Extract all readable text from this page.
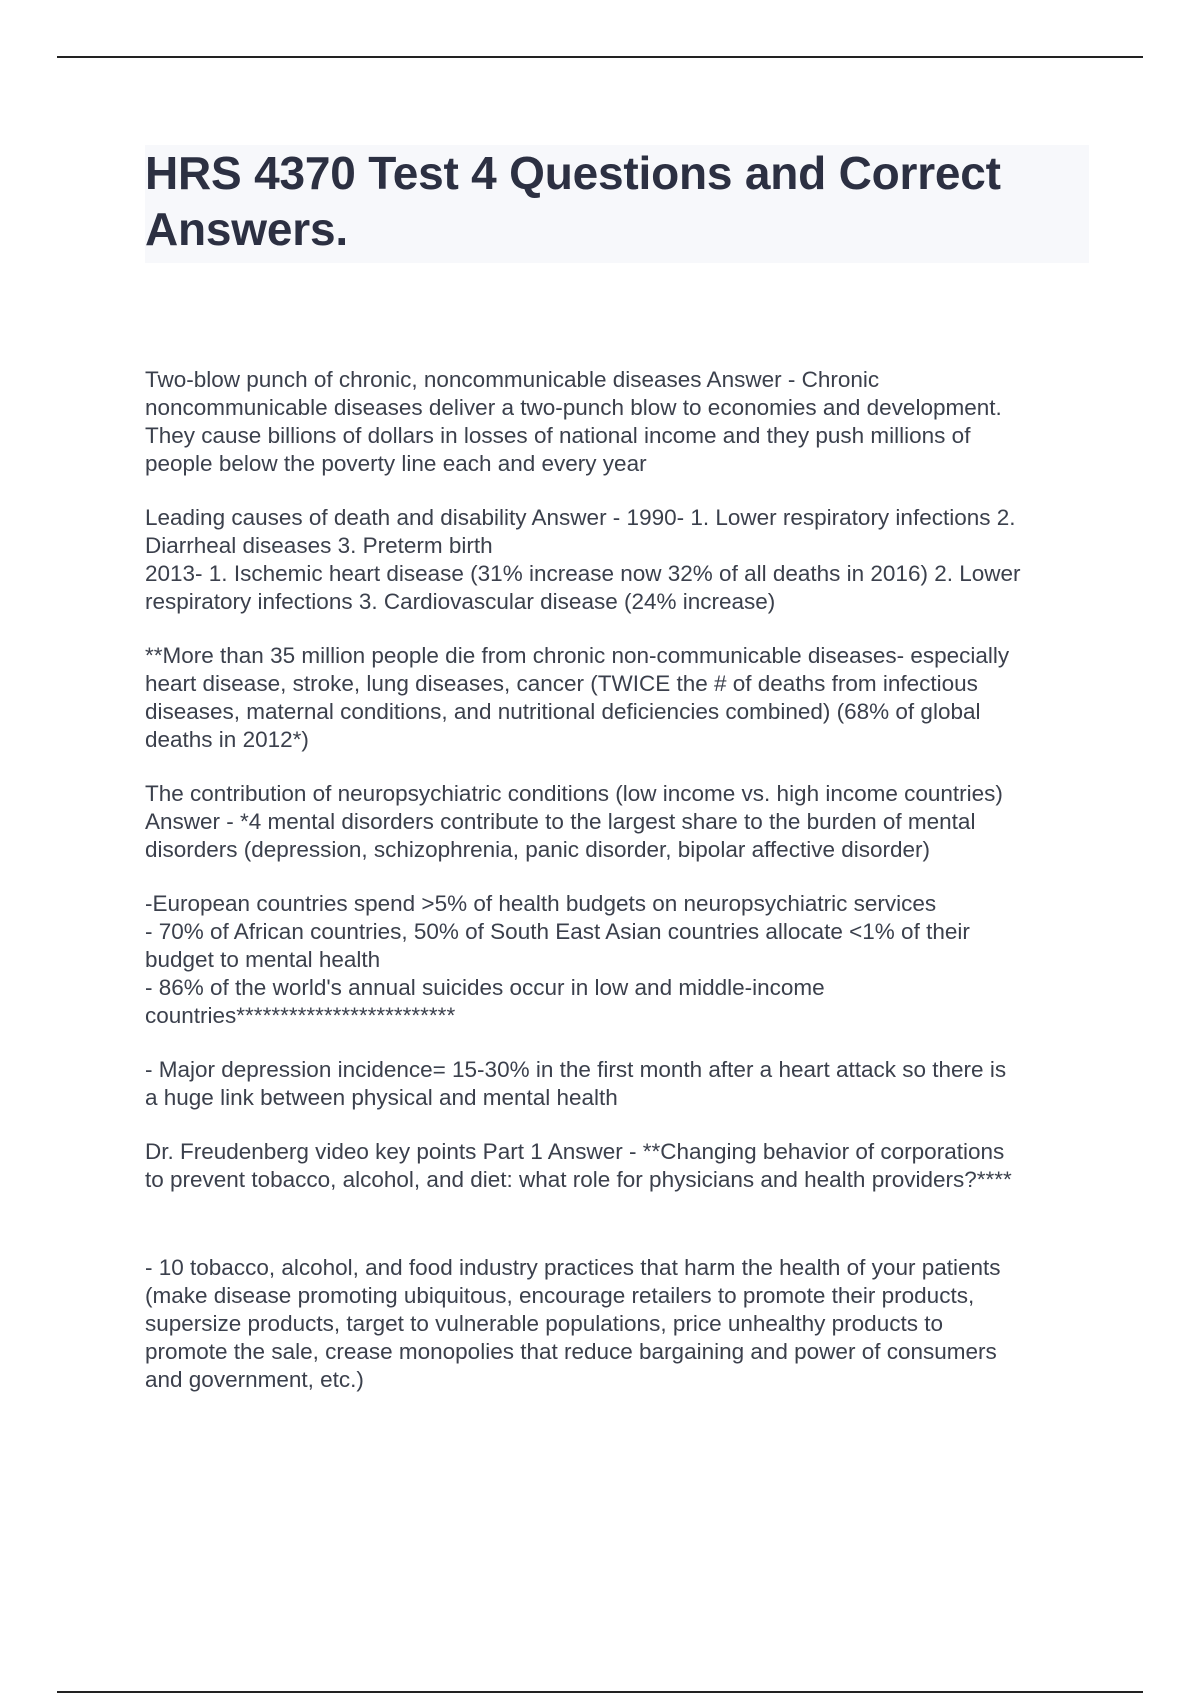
HRS 4370 Test 4 Questions and Correct
Answers.

Two-blow punch of chronic, noncommunicable diseases Answer - Chronic
noncommunicable diseases deliver a two-punch blow to economies and development.
They cause billions of dollars in losses of national income and they push millions of
people below the poverty line each and every year

Leading causes of death and disability Answer - 1990- 1. Lower respiratory infections 2.
Diarrheal diseases 3. Preterm birth
2013- 1. Ischemic heart disease (31% increase now 32% of all deaths in 2016) 2. Lower
respiratory infections 3. Cardiovascular disease (24% increase)

**More than 35 million people die from chronic non-communicable diseases- especially
heart disease, stroke, lung diseases, cancer (TWICE the # of deaths from infectious
diseases, maternal conditions, and nutritional deficiencies combined) (68% of global
deaths in 2012*)

The contribution of neuropsychiatric conditions (low income vs. high income countries)
Answer - *4 mental disorders contribute to the largest share to the burden of mental
disorders (depression, schizophrenia, panic disorder, bipolar affective disorder)

-European countries spend >5% of health budgets on neuropsychiatric services
- 70% of African countries, 50% of South East Asian countries allocate <1% of their
budget to mental health
- 86% of the world's annual suicides occur in low and middle-income
countries*************************

- Major depression incidence= 15-30% in the first month after a heart attack so there is
a huge link between physical and mental health

Dr. Freudenberg video key points Part 1 Answer - **Changing behavior of corporations
to prevent tobacco, alcohol, and diet: what role for physicians and health providers?****

- 10 tobacco, alcohol, and food industry practices that harm the health of your patients
(make disease promoting ubiquitous, encourage retailers to promote their products,
supersize products, target to vulnerable populations, price unhealthy products to
promote the sale, crease monopolies that reduce bargaining and power of consumers
and government, etc.)
